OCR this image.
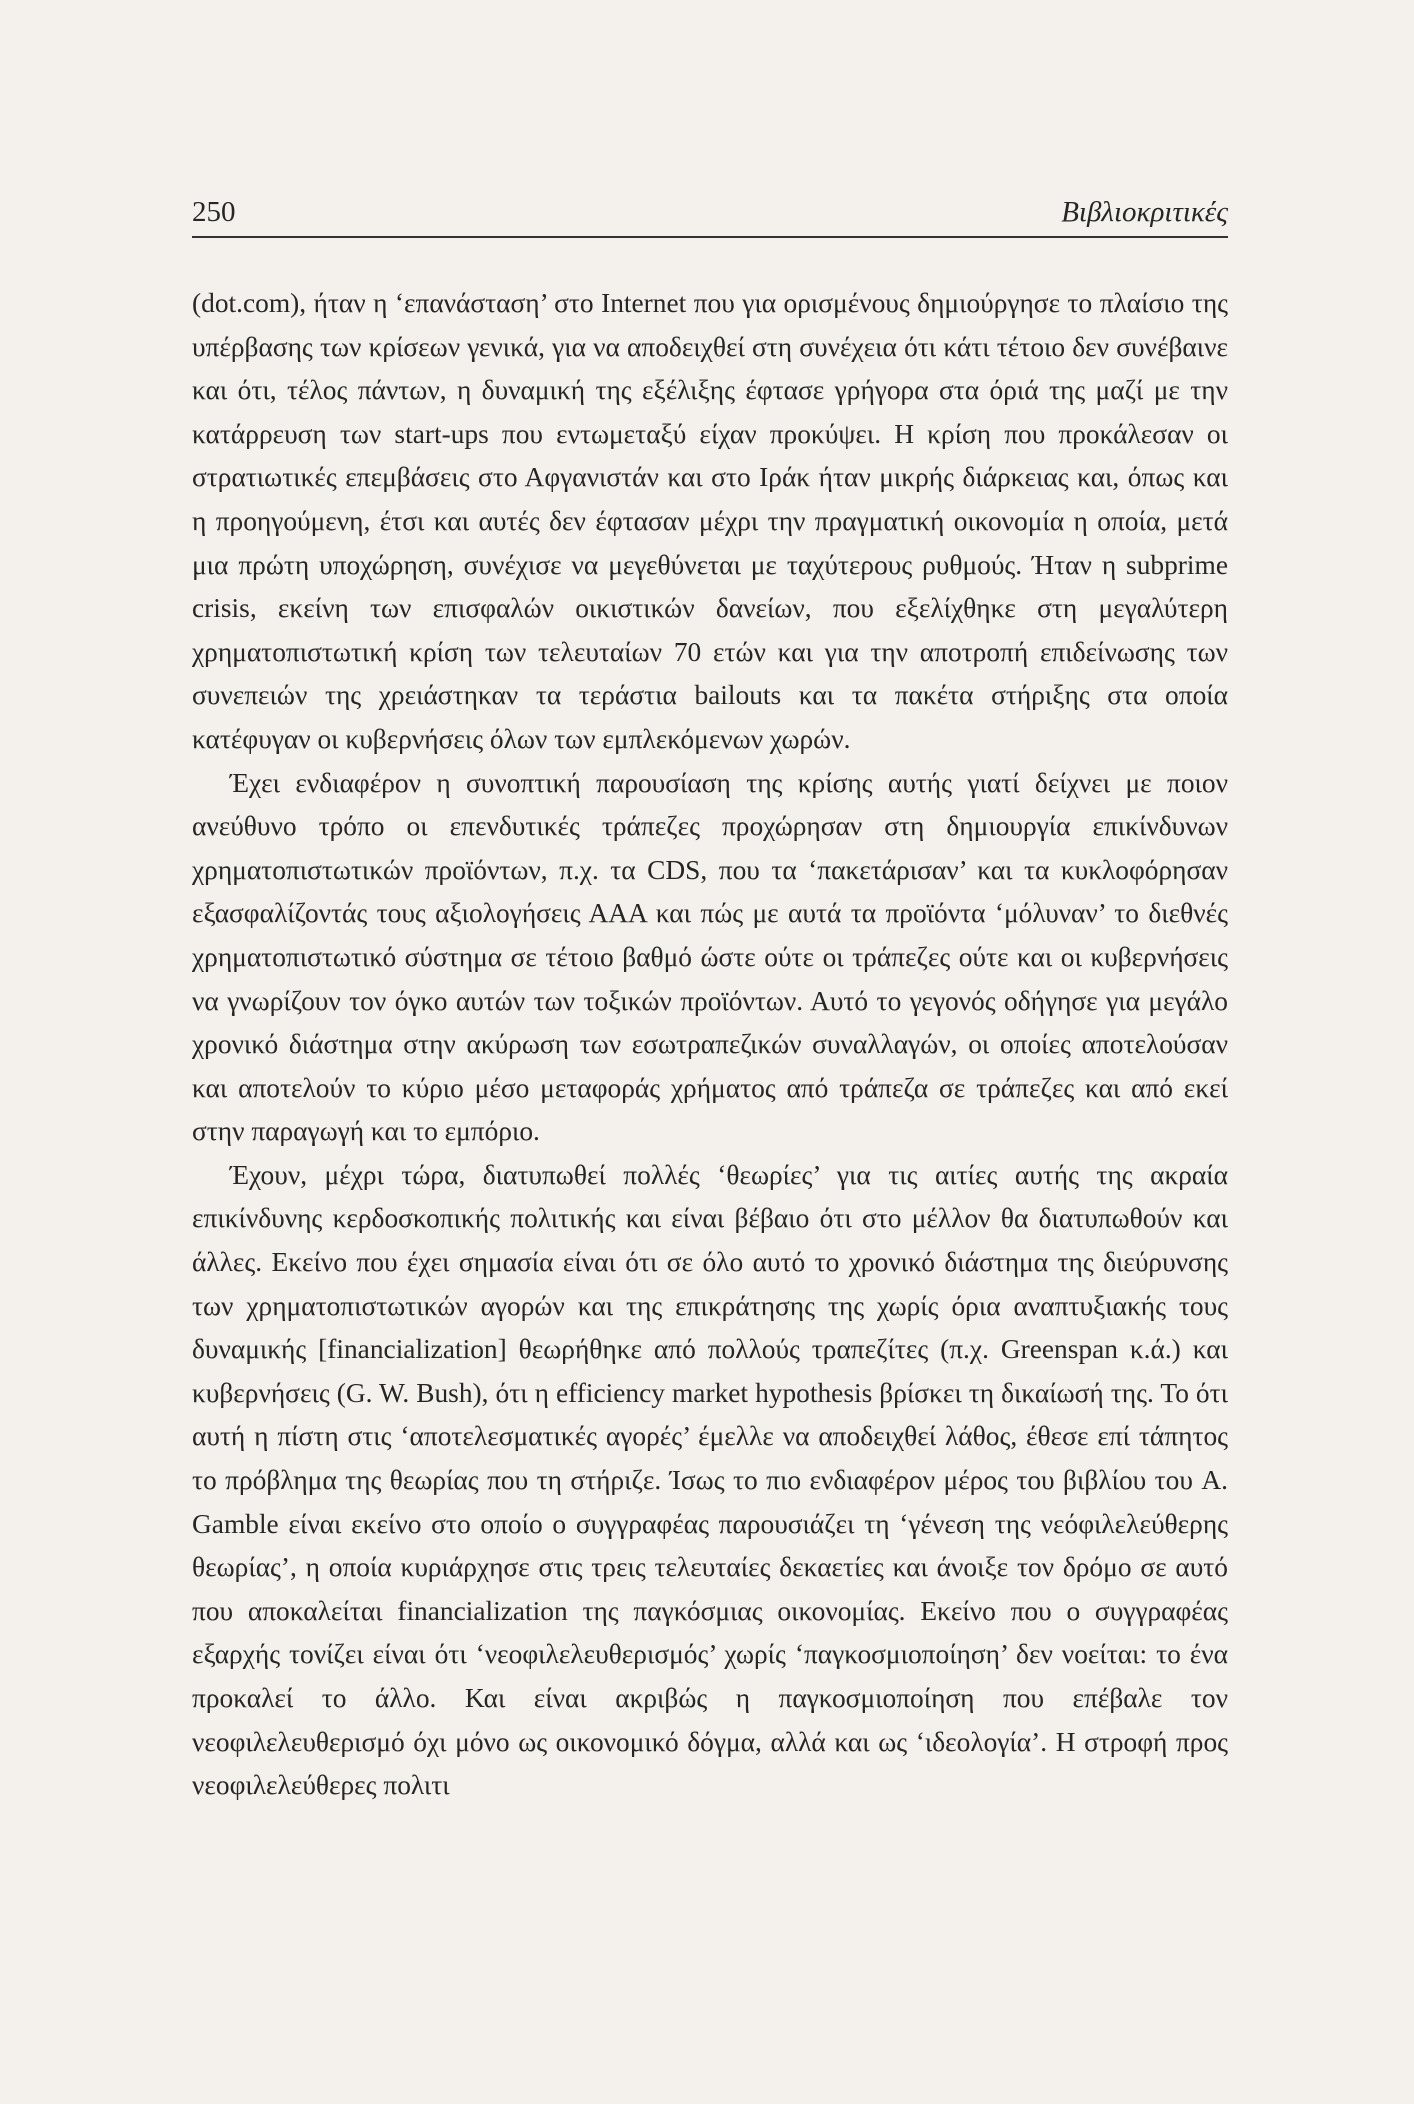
250	Βιβλιοκριτικές

(dot.com), ήταν η ‘επανάσταση’ στο Internet που για ορισμένους δημιούργησε το πλαίσιο της υπέρβασης των κρίσεων γενικά, για να αποδειχθεί στη συνέχεια ότι κάτι τέτοιο δεν συνέβαινε και ότι, τέλος πάντων, η δυναμική της εξέλιξης έφτασε γρήγορα στα όριά της μαζί με την κατάρρευση των start-ups που εντωμεταξύ είχαν προκύψει. Η κρίση που προκάλεσαν οι στρατιωτικές επεμβάσεις στο Αφγανιστάν και στο Ιράκ ήταν μικρής διάρκειας και, όπως και η προηγούμενη, έτσι και αυτές δεν έφτασαν μέχρι την πραγματική οικονομία η οποία, μετά μια πρώτη υποχώρηση, συνέχισε να μεγεθύνεται με ταχύτερους ρυθμούς. Ήταν η subprime crisis, εκείνη των επισφαλών οικιστικών δανείων, που εξελίχθηκε στη μεγαλύτερη χρηματοπιστωτική κρίση των τελευταίων 70 ετών και για την αποτροπή επιδείνωσης των συνεπειών της χρειάστηκαν τα τεράστια bailouts και τα πακέτα στήριξης στα οποία κατέφυγαν οι κυβερνήσεις όλων των εμπλεκόμενων χωρών.

Έχει ενδιαφέρον η συνοπτική παρουσίαση της κρίσης αυτής γιατί δείχνει με ποιον ανεύθυνο τρόπο οι επενδυτικές τράπεζες προχώρησαν στη δημιουργία επικίνδυνων χρηματοπιστωτικών προϊόντων, π.χ. τα CDS, που τα ‘πακετάρισαν’ και τα κυκλοφόρησαν εξασφαλίζοντάς τους αξιολογήσεις ΑΑΑ και πώς με αυτά τα προϊόντα ‘μόλυναν’ το διεθνές χρηματοπιστωτικό σύστημα σε τέτοιο βαθμό ώστε ούτε οι τράπεζες ούτε και οι κυβερνήσεις να γνωρίζουν τον όγκο αυτών των τοξικών προϊόντων. Αυτό το γεγονός οδήγησε για μεγάλο χρονικό διάστημα στην ακύρωση των εσωτραπεζικών συναλλαγών, οι οποίες αποτελούσαν και αποτελούν το κύριο μέσο μεταφοράς χρήματος από τράπεζα σε τράπεζες και από εκεί στην παραγωγή και το εμπόριο.

Έχουν, μέχρι τώρα, διατυπωθεί πολλές ‘θεωρίες’ για τις αιτίες αυτής της ακραία επικίνδυνης κερδοσκοπικής πολιτικής και είναι βέβαιο ότι στο μέλλον θα διατυπωθούν και άλλες. Εκείνο που έχει σημασία είναι ότι σε όλο αυτό το χρονικό διάστημα της διεύρυνσης των χρηματοπιστωτικών αγορών και της επικράτησης της χωρίς όρια αναπτυξιακής τους δυναμικής [financialization] θεωρήθηκε από πολλούς τραπεζίτες (π.χ. Greenspan κ.ά.) και κυβερνήσεις (G. W. Bush), ότι η efficiency market hypothesis βρίσκει τη δικαίωσή της. Το ότι αυτή η πίστη στις ‘αποτελεσματικές αγορές’ έμελλε να αποδειχθεί λάθος, έθεσε επί τάπητος το πρόβλημα της θεωρίας που τη στήριζε. Ίσως το πιο ενδιαφέρον μέρος του βιβλίου του A. Gamble είναι εκείνο στο οποίο ο συγγραφέας παρουσιάζει τη ‘γένεση της νεόφιλελεύθερης θεωρίας’, η οποία κυριάρχησε στις τρεις τελευταίες δεκαετίες και άνοιξε τον δρόμο σε αυτό που αποκαλείται financialization της παγκόσμιας οικονομίας. Εκείνο που ο συγγραφέας εξαρχής τονίζει είναι ότι ‘νεοφιλελευθερισμός’ χωρίς ‘παγκοσμιοποίηση’ δεν νοείται: το ένα προκαλεί το άλλο. Και είναι ακριβώς η παγκοσμιοποίηση που επέβαλε τον νεοφιλελευθερισμό όχι μόνο ως οικονομικό δόγμα, αλλά και ως ‘ιδεολογία’. Η στροφή προς νεοφιλελεύθερες πολιτι
